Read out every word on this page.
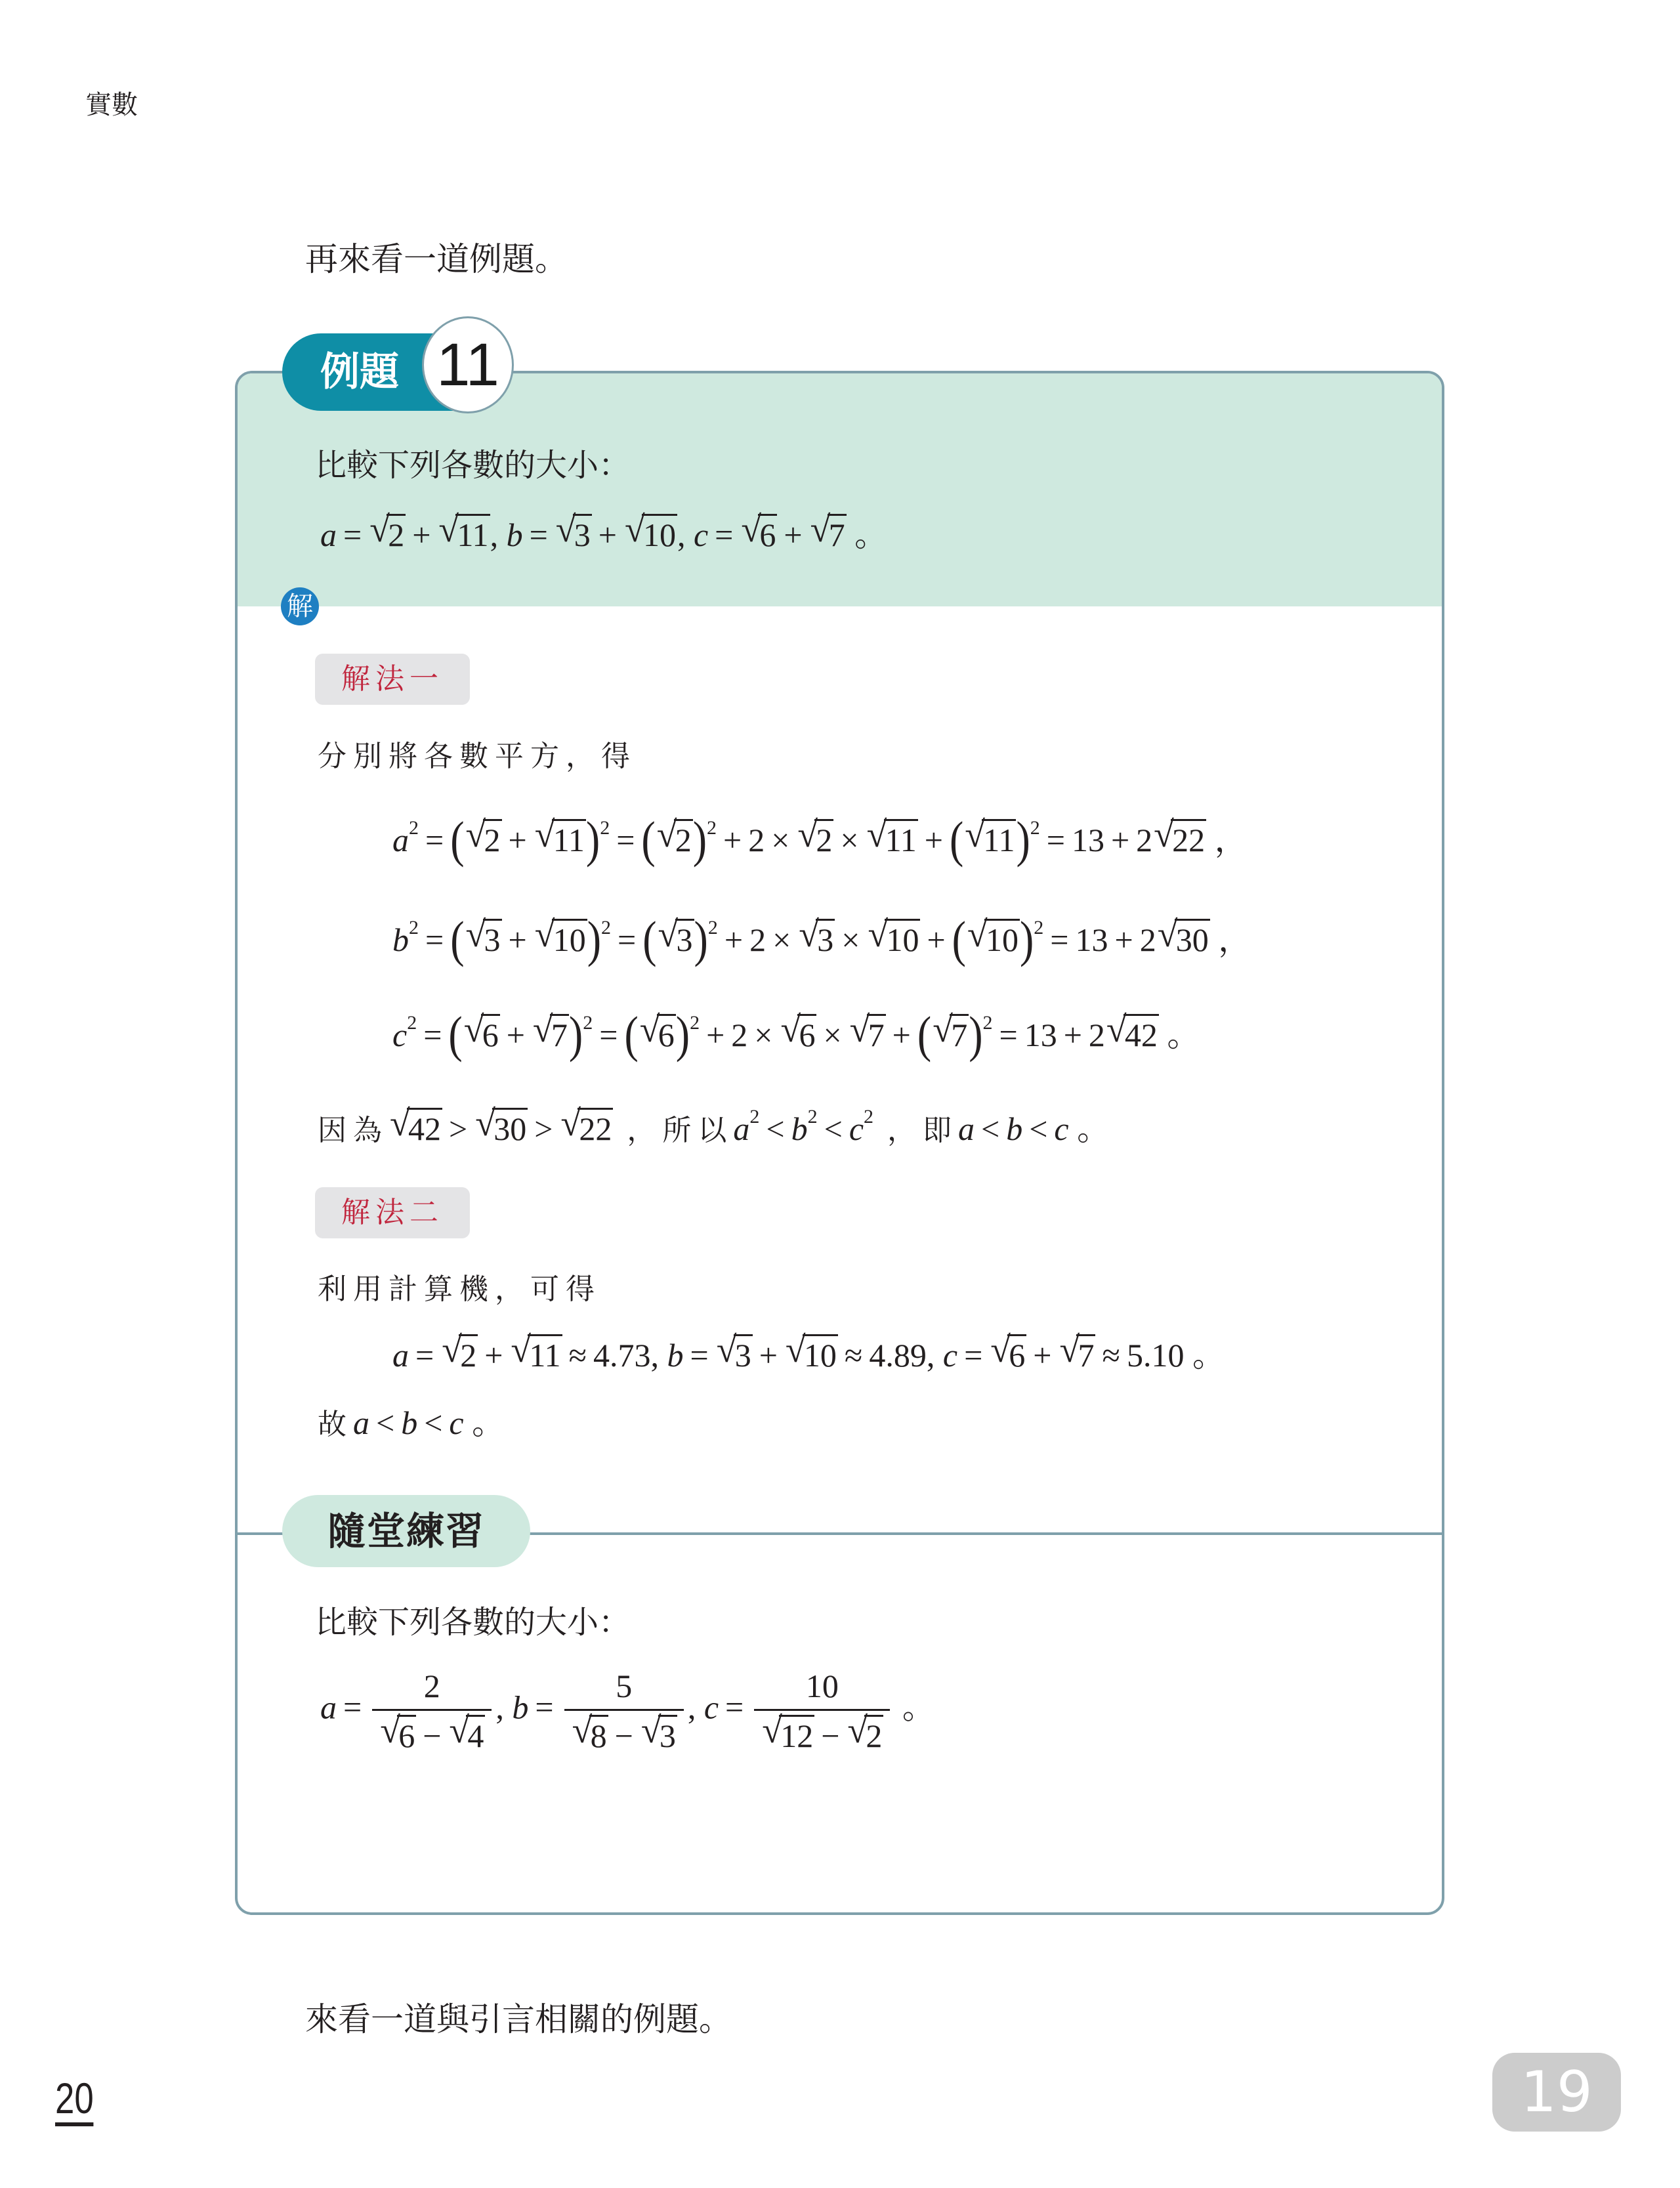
實數
再來看一道例題。
例題 11
比較下列各數的大小：
a = √ 2 + √ 11, b = √ 3 + √ 10, c = √ 6 + √ 7 。
解
解法一
分別將各數平方，得
$a^2$ = ( √ 2 + √ 11)$^2$ = ( √ 2)$^2$ + 2 × √ 2 × √ 11 + ( √ 11)$^2$ = 13 + 2 √ 22 ，
$b^2$ = ( √ 3 + √ 10)$^2$ = ( √ 3)$^2$ + 2 × √ 3 × √ 10 + ( √ 10)$^2$ = 13 + 2 √ 30 ，
$c^2$ = ( √ 6 + √ 7)$^2$ = ( √ 6)$^2$ + 2 × √ 6 × √ 7 + ( √ 7)$^2$ = 13 + 2 √ 42 。
因為 √ 42 > √ 30 > √ 22 ，所以$a^2 < b^2 < c^2$ ，即a < b < c 。
解法二
利用計算機，可得
a = √ 2 + √ 11 ≈ 4.73, b = √ 3 + √ 10 ≈ 4.89, c = √ 6 + √ 7 ≈ 5.10 。
故a < b < c 。
隨堂練習
比較下列各數的大小：
a = 2
√ 6 − √ 4 , b = 5
√ 8 − √ 3 , c = 10
√ 12 − √ 2 。
來看一道與引言相關的例題。
20	19
